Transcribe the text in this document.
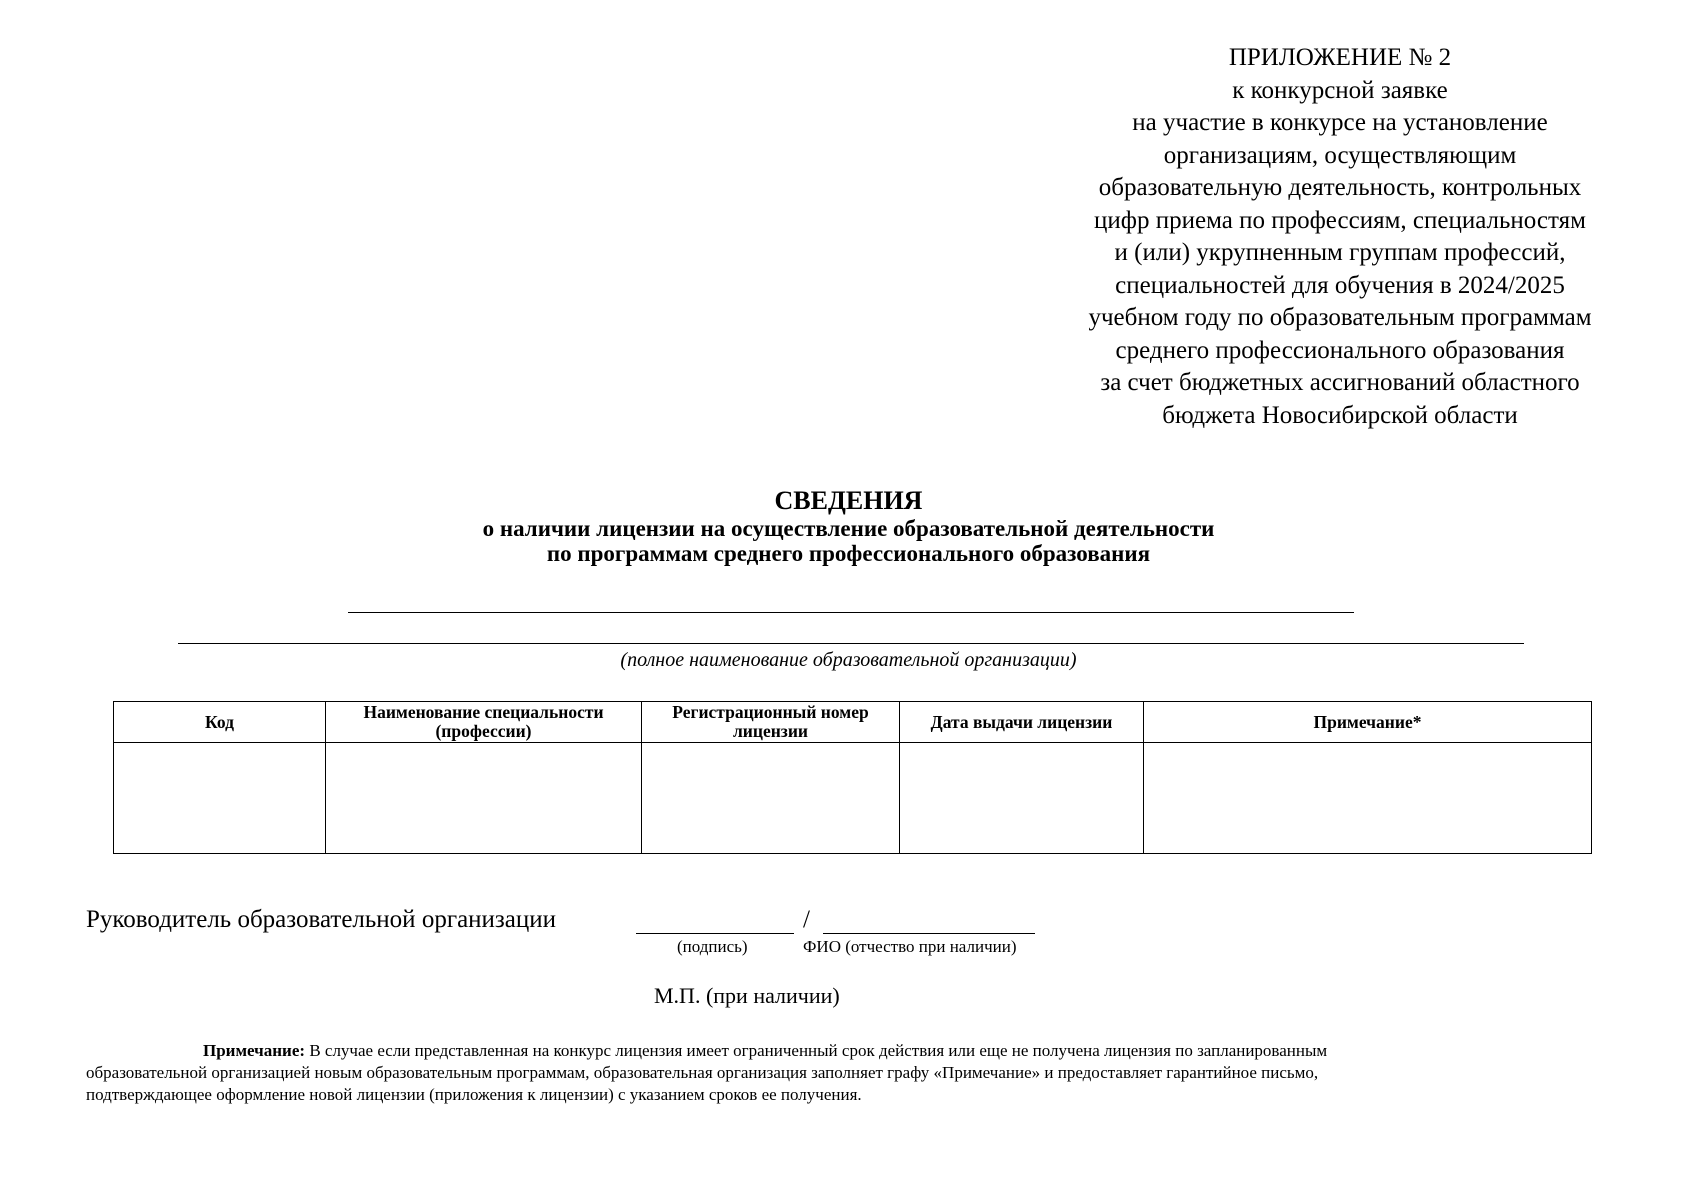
ПРИЛОЖЕНИЕ № 2
к конкурсной заявке
на участие в конкурсе на установление
организациям, осуществляющим
образовательную деятельность, контрольных
цифр приема по профессиям, специальностям
и (или) укрупненным группам профессий,
специальностей для обучения в 2024/2025
учебном году по образовательным программам
среднего профессионального образования
за счет бюджетных ассигнований областного
бюджета Новосибирской области
СВЕДЕНИЯ
о наличии лицензии на осуществление образовательной деятельности
по программам среднего профессионального образования
(полное наименование образовательной организации)
Код	Наименование специальности (профессии)	Регистрационный номер лицензии	Дата выдачи лицензии	Примечание*

Руководитель образовательной организации	/
(подпись)	ФИО (отчество при наличии)
М.П. (при наличии)
Примечание: В случае если представленная на конкурс лицензия имеет ограниченный срок действия или еще не получена лицензия по запланированным
образовательной организацией новым образовательным программам, образовательная организация заполняет графу «Примечание» и предоставляет гарантийное письмо,
подтверждающее оформление новой лицензии (приложения к лицензии) с указанием сроков ее получения.
